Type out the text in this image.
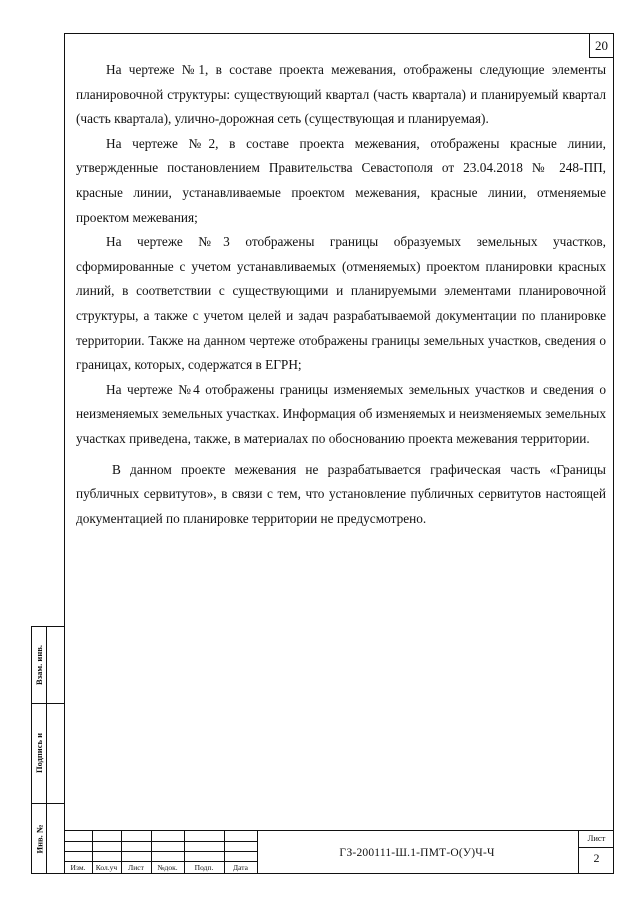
20

На чертеже №1, в составе проекта межевания, отображены следующие элементы планировочной структуры: существующий квартал (часть квартала) и планируемый квартал (часть квартала), улично-дорожная сеть (существующая и планируемая).

На чертеже №2, в составе проекта межевания, отображены красные линии, утвержденные постановлением Правительства Севастополя от 23.04.2018 № 248-ПП, красные линии, устанавливаемые проектом межевания, красные линии, отменяемые проектом межевания;

На чертеже №3 отображены границы образуемых земельных участков, сформированные с учетом устанавливаемых (отменяемых) проектом планировки красных линий, в соответствии с существующими и планируемыми элементами планировочной структуры, а также с учетом целей и задач разрабатываемой документации по планировке территории. Также на данном чертеже отображены границы земельных участков, сведения о границах, которых, содержатся в ЕГРН;

На чертеже №4 отображены границы изменяемых земельных участков и сведения о неизменяемых земельных участках. Информация об изменяемых и неизменяемых земельных участках приведена, также, в материалах по обоснованию проекта межевания территории.

В данном проекте межевания не разрабатывается графическая часть «Границы публичных сервитутов», в связи с тем, что установление публичных сервитутов настоящей документацией по планировке территории не предусмотрено.

Взам. инв.
Подпись и
Инв. №
Изм.	Кол.уч	Лист	№док.	Подп.	Дата
ГЗ-200111-Ш.1-ПМТ-О(У)Ч-Ч
Лист
2
